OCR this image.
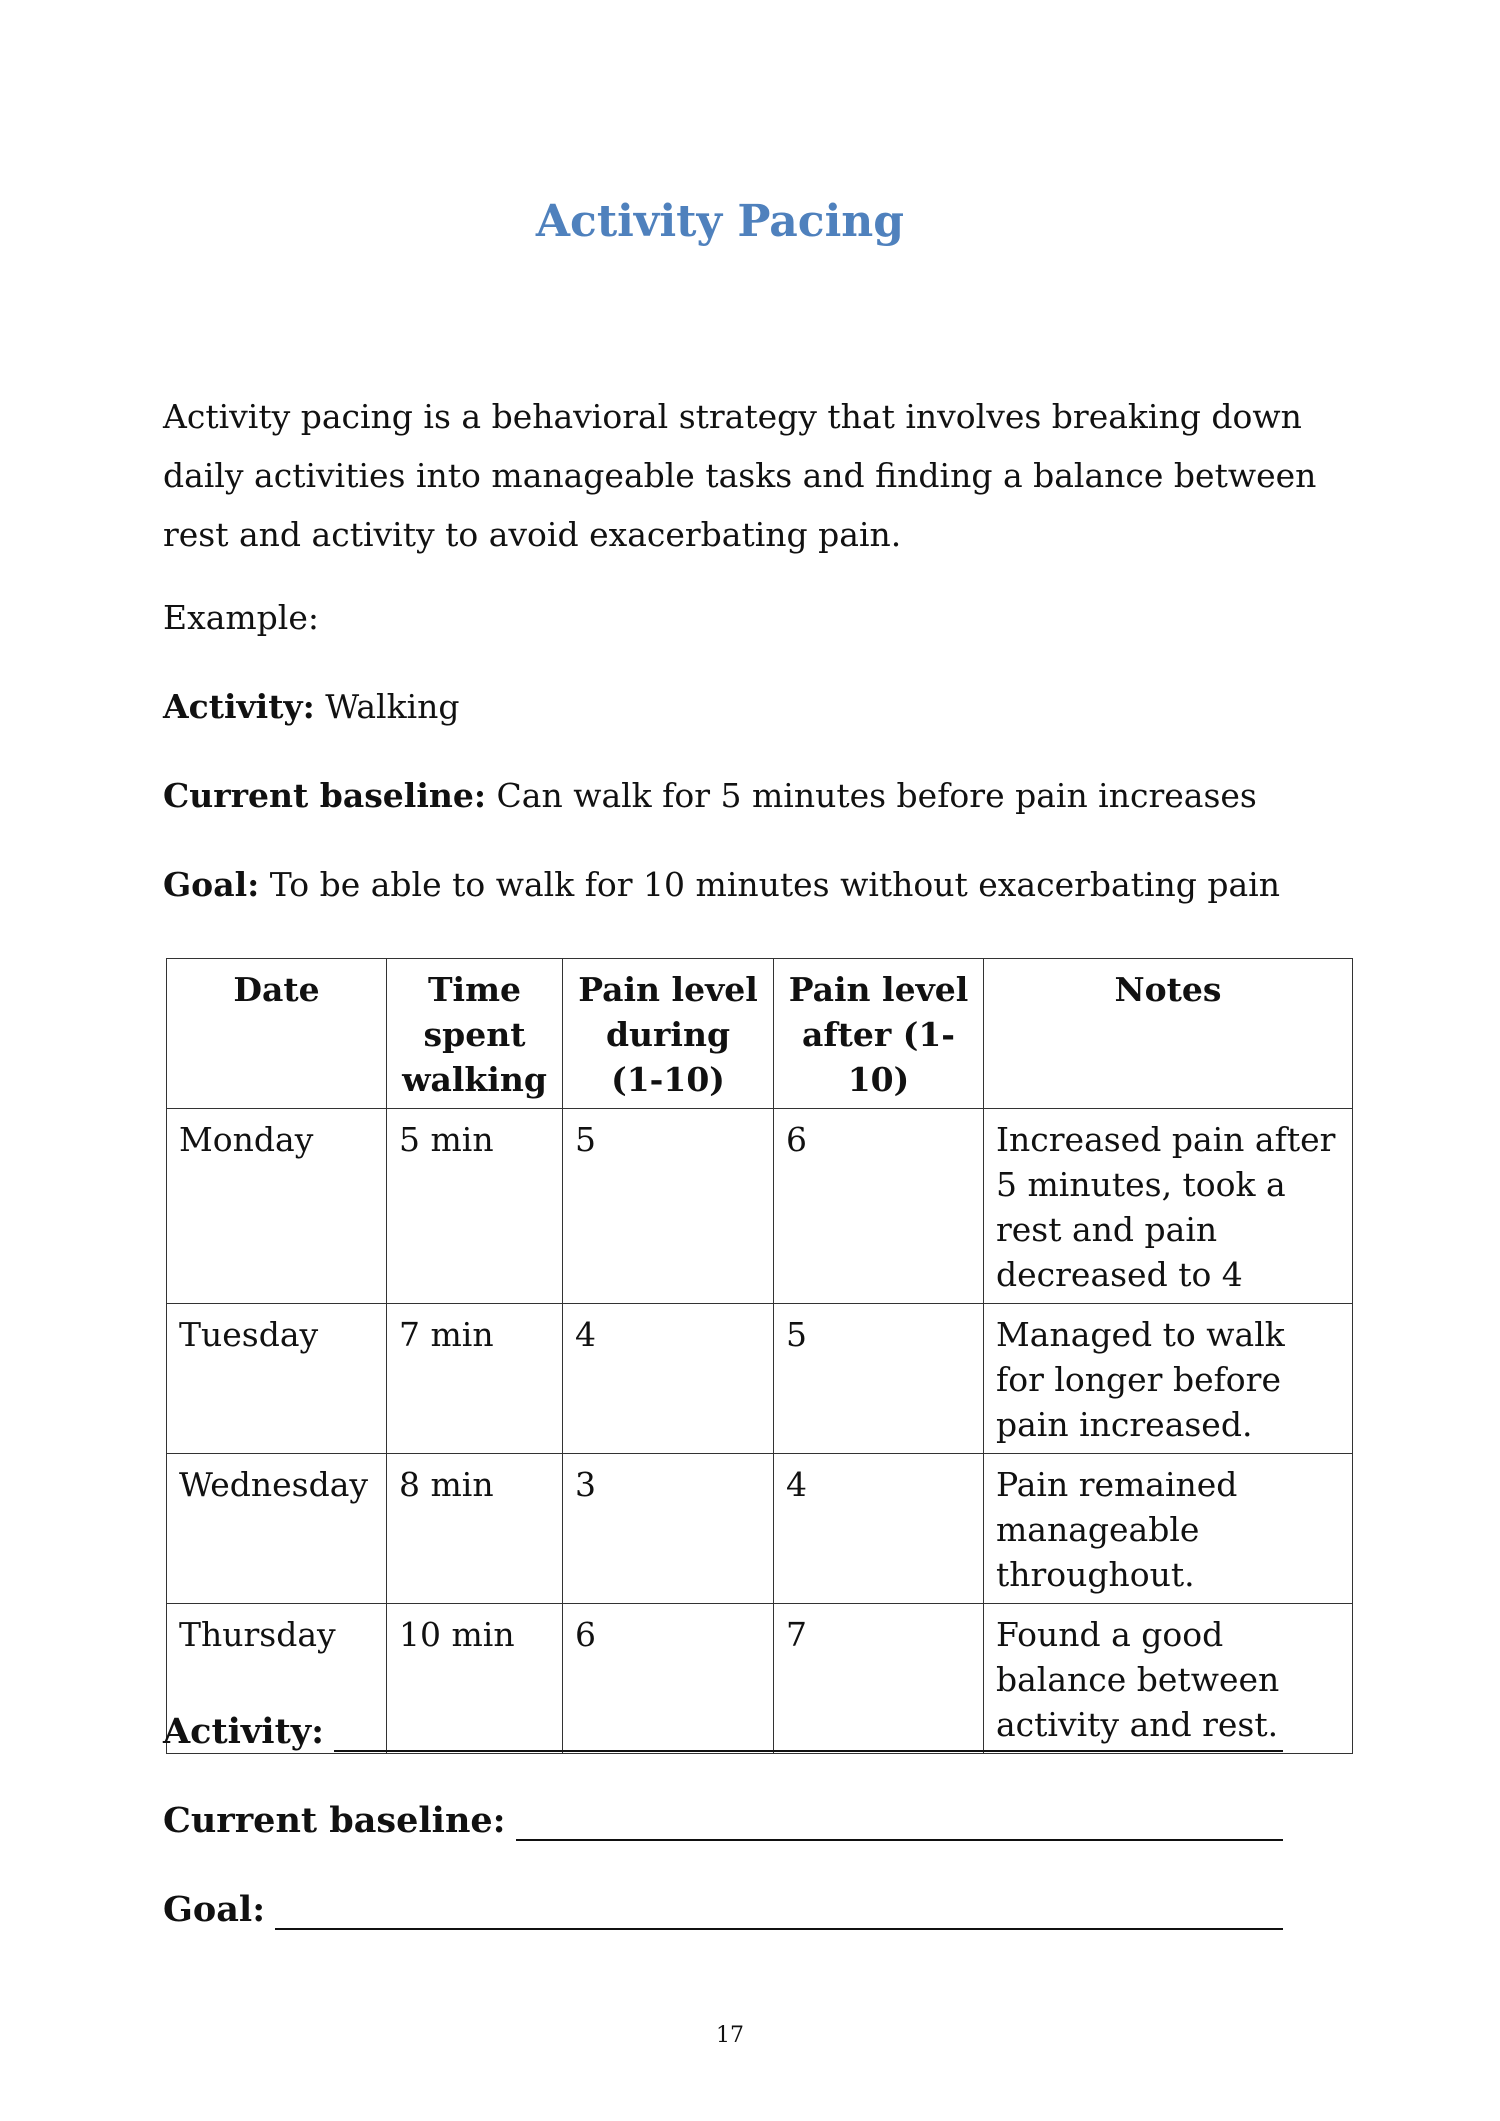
Activity Pacing

Activity pacing is a behavioral strategy that involves breaking down daily activities into manageable tasks and finding a balance between rest and activity to avoid exacerbating pain.

Example:

Activity: Walking

Current baseline: Can walk for 5 minutes before pain increases

Goal: To be able to walk for 10 minutes without exacerbating pain

Date	Time spent walking	Pain level during (1-10)	Pain level after (1-10)	Notes
Monday	5 min	5	6	Increased pain after 5 minutes, took a rest and pain decreased to 4
Tuesday	7 min	4	5	Managed to walk for longer before pain increased.
Wednesday	8 min	3	4	Pain remained manageable throughout.
Thursday	10 min	6	7	Found a good balance between activity and rest.
Activity:
Current baseline:
Goal:

17
